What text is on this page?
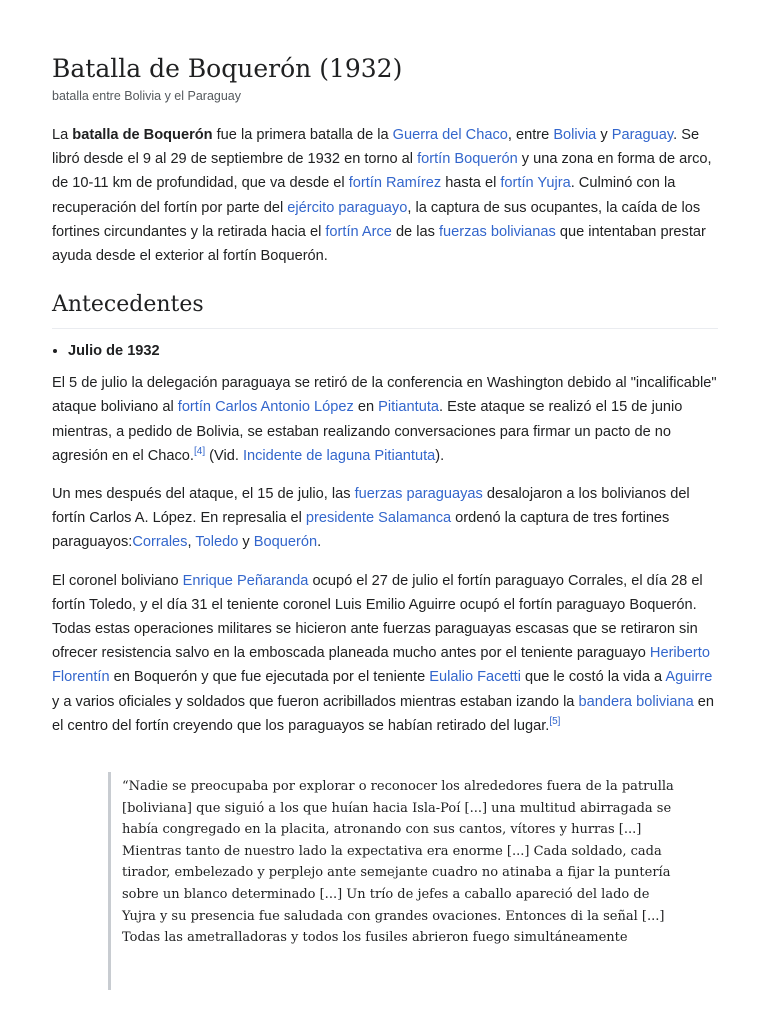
Batalla de Boquerón (1932)
batalla entre Bolivia y el Paraguay

La batalla de Boquerón fue la primera batalla de la Guerra del Chaco, entre Bolivia y Paraguay. Se libró desde el 9 al 29 de septiembre de 1932 en torno al fortín Boquerón y una zona en forma de arco, de 10-11 km de profundidad, que va desde el fortín Ramírez hasta el fortín Yujra. Culminó con la recuperación del fortín por parte del ejército paraguayo, la captura de sus ocupantes, la caída de los fortines circundantes y la retirada hacia el fortín Arce de las fuerzas bolivianas que intentaban prestar ayuda desde el exterior al fortín Boquerón.

Antecedentes
• Julio de 1932

El 5 de julio la delegación paraguaya se retiró de la conferencia en Washington debido al "incalificable" ataque boliviano al fortín Carlos Antonio López en Pitiantuta. Este ataque se realizó el 15 de junio mientras, a pedido de Bolivia, se estaban realizando conversaciones para firmar un pacto de no agresión en el Chaco.[4] (Vid. Incidente de laguna Pitiantuta).

Un mes después del ataque, el 15 de julio, las fuerzas paraguayas desalojaron a los bolivianos del fortín Carlos A. López. En represalia el presidente Salamanca ordenó la captura de tres fortines paraguayos:Corrales, Toledo y Boquerón.

El coronel boliviano Enrique Peñaranda ocupó el 27 de julio el fortín paraguayo Corrales, el día 28 el fortín Toledo, y el día 31 el teniente coronel Luis Emilio Aguirre ocupó el fortín paraguayo Boquerón. Todas estas operaciones militares se hicieron ante fuerzas paraguayas escasas que se retiraron sin ofrecer resistencia salvo en la emboscada planeada mucho antes por el teniente paraguayo Heriberto Florentín en Boquerón y que fue ejecutada por el teniente Eulalio Facetti que le costó la vida a Aguirre y a varios oficiales y soldados que fueron acribillados mientras estaban izando la bandera boliviana en el centro del fortín creyendo que los paraguayos se habían retirado del lugar.[5]

“Nadie se preocupaba por explorar o reconocer los alrededores fuera de la patrulla [boliviana] que siguió a los que huían hacia Isla-Poí [...] una multitud abirragada se había congregado en la placita, atronando con sus cantos, vítores y hurras [...] Mientras tanto de nuestro lado la expectativa era enorme [...] Cada soldado, cada tirador, embelezado y perplejo ante semejante cuadro no atinaba a fijar la puntería sobre un blanco determinado [...] Un trío de jefes a caballo apareció del lado de Yujra y su presencia fue saludada con grandes ovaciones. Entonces di la señal [...] Todas las ametralladoras y todos los fusiles abrieron fuego simultáneamente
